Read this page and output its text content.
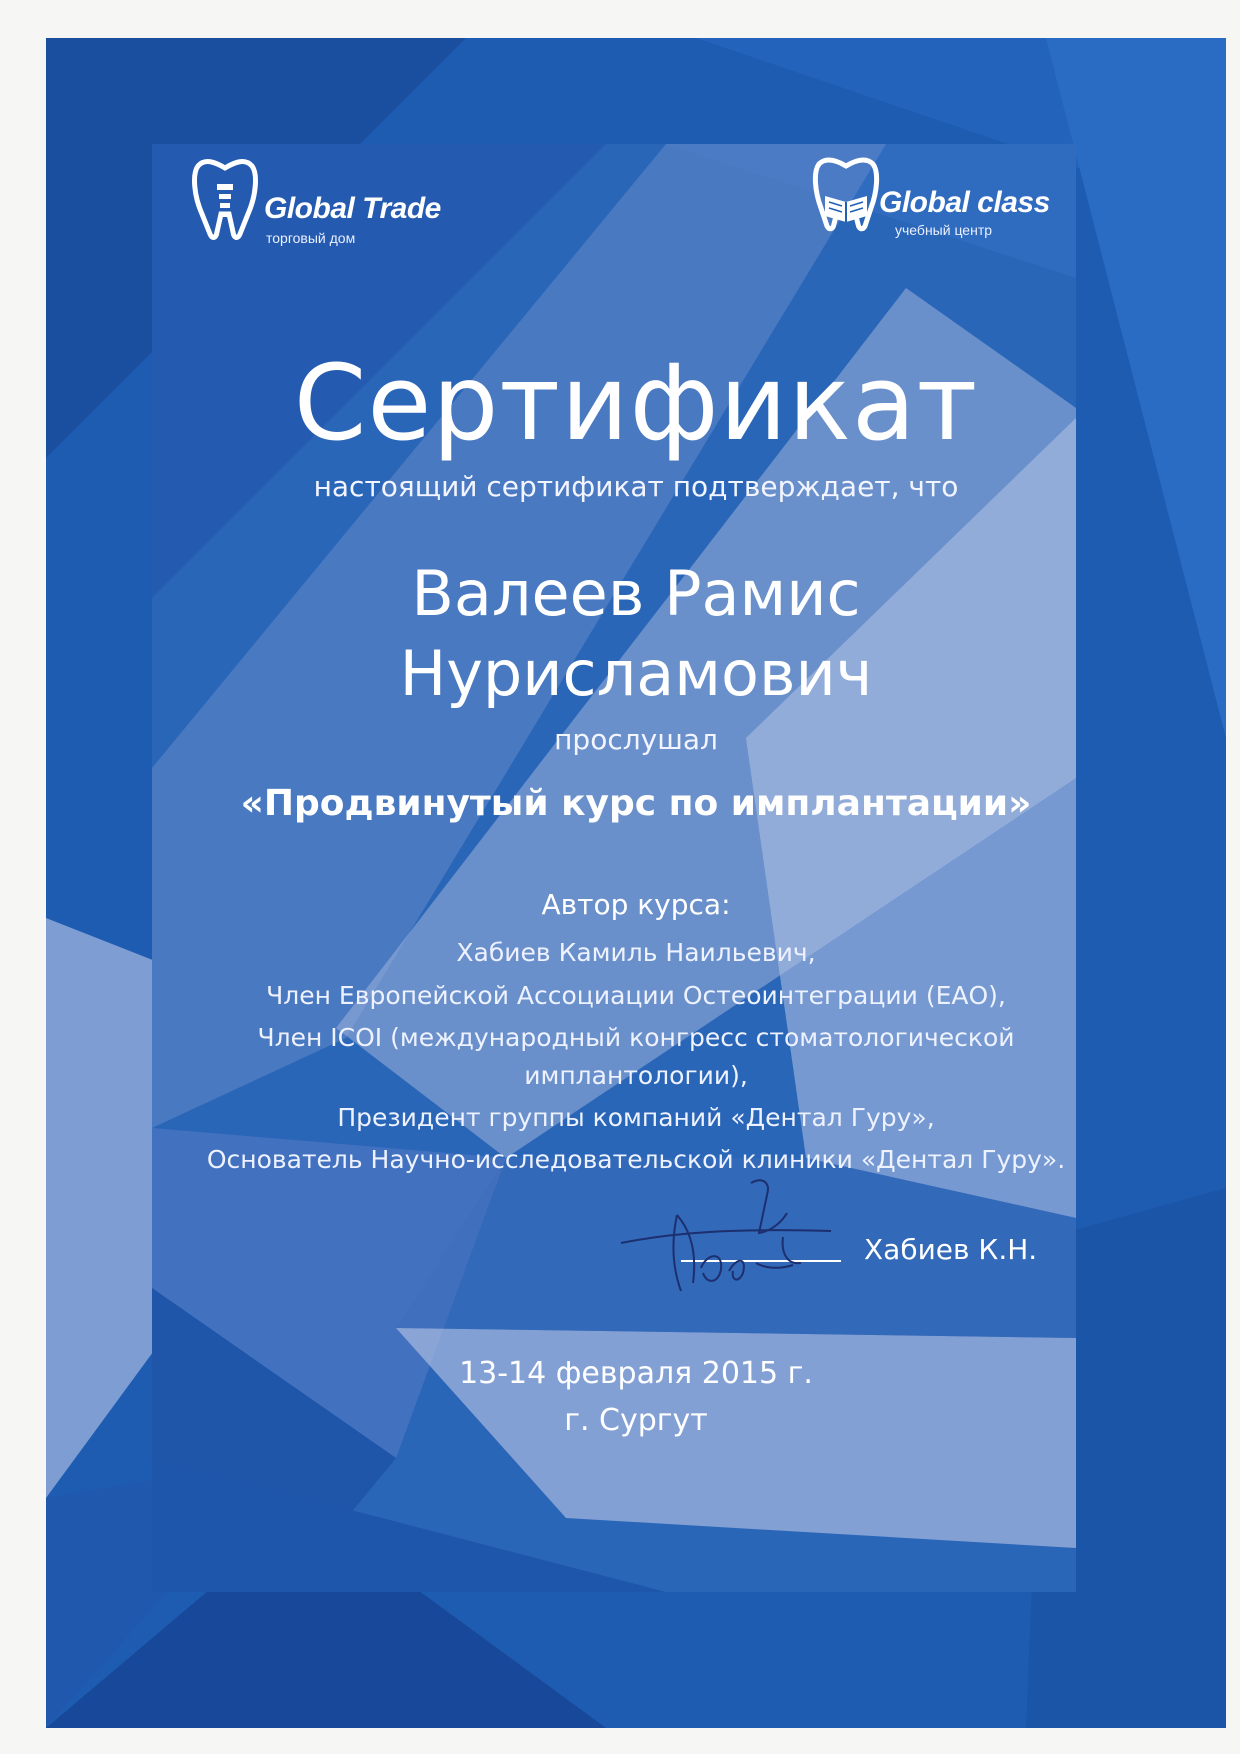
Global Trade
торговый дом
Global class
учебный центр
Сертификат
настоящий сертификат подтверждает, что
Валеев Рамис
Нурисламович
прослушал
«Продвинутый курс по имплантации»
Автор курса:
Хабиев Камиль Наильевич,
Член Европейской Ассоциации Остеоинтеграции (ЕАО),
Член ICOI (международный конгресс стоматологической
имплантологии),
Президент группы компаний «Дентал Гуру»,
Основатель Научно-исследовательской клиники «Дентал Гуру».
Хабиев К.Н.
13-14 февраля 2015 г.
г. Сургут
